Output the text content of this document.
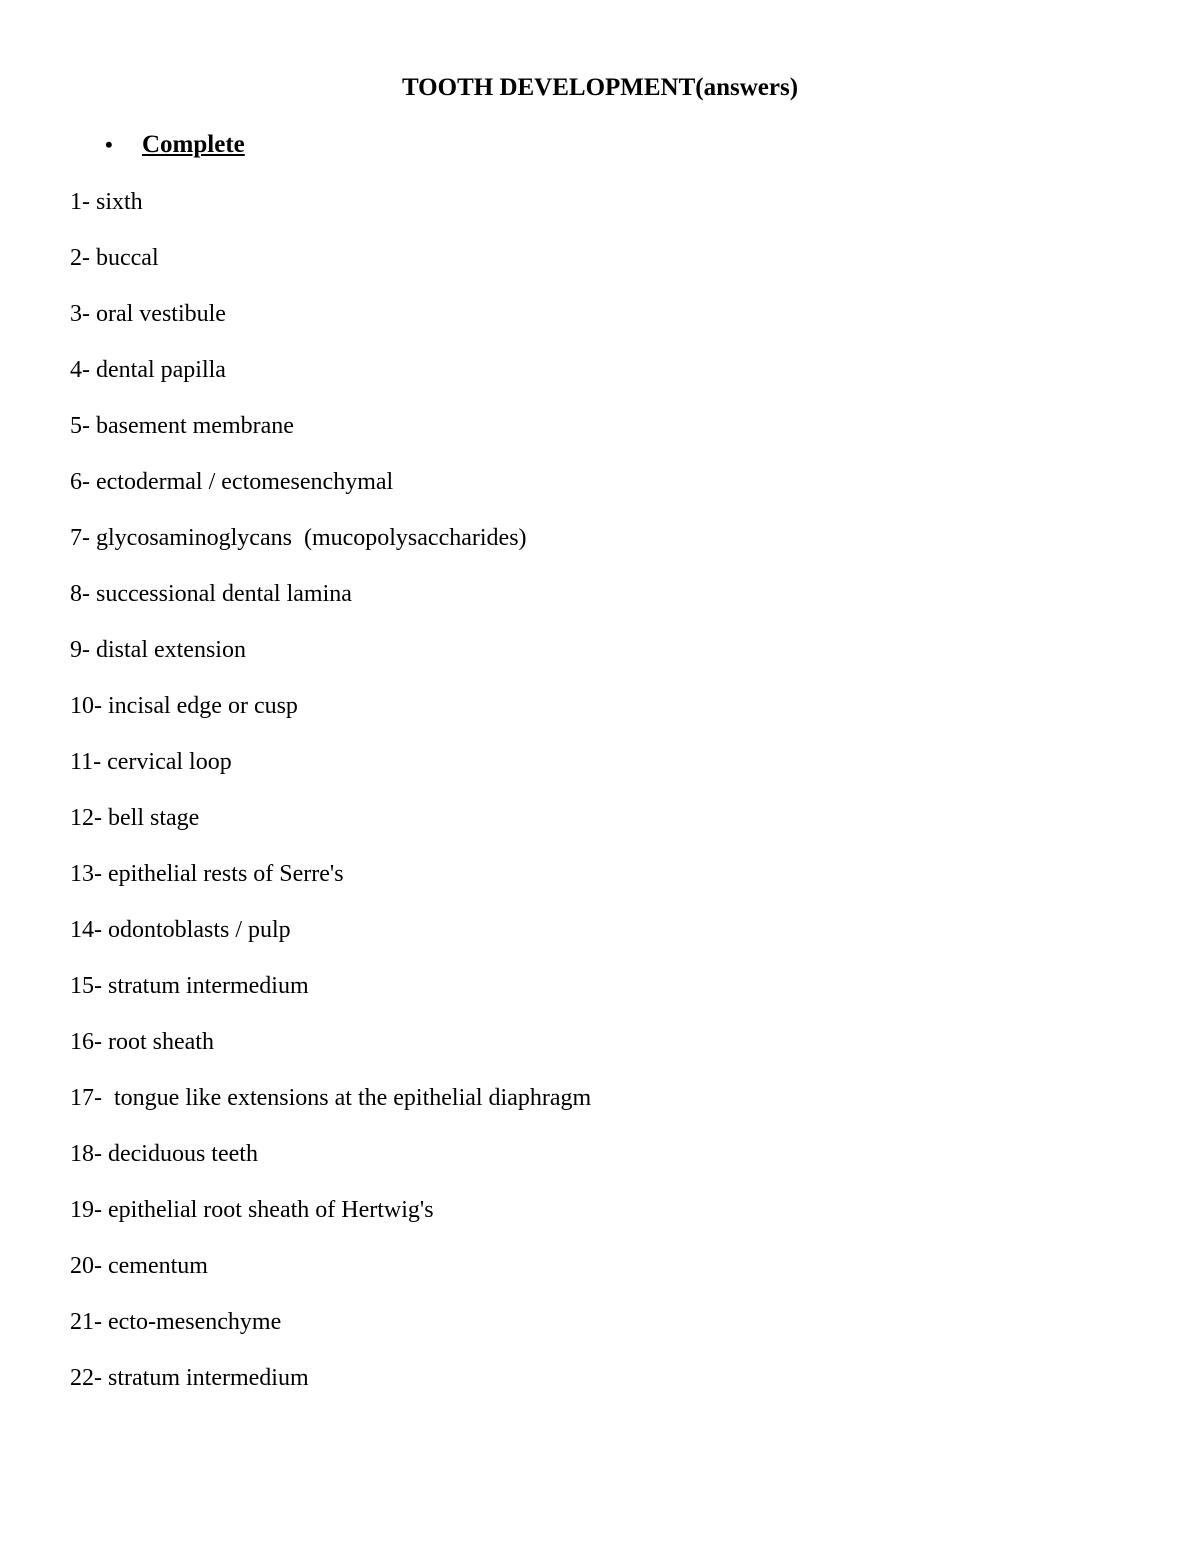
TOOTH DEVELOPMENT(answers)
•	Complete
1- sixth
2- buccal
3- oral vestibule
4- dental papilla
5- basement membrane
6- ectodermal / ectomesenchymal
7- glycosaminoglycans  (mucopolysaccharides)
8- successional dental lamina
9- distal extension
10- incisal edge or cusp
11- cervical loop
12- bell stage
13- epithelial rests of Serre's
14- odontoblasts / pulp
15- stratum intermedium
16- root sheath
17-  tongue like extensions at the epithelial diaphragm
18- deciduous teeth
19- epithelial root sheath of Hertwig's
20- cementum
21- ecto-mesenchyme
22- stratum intermedium
